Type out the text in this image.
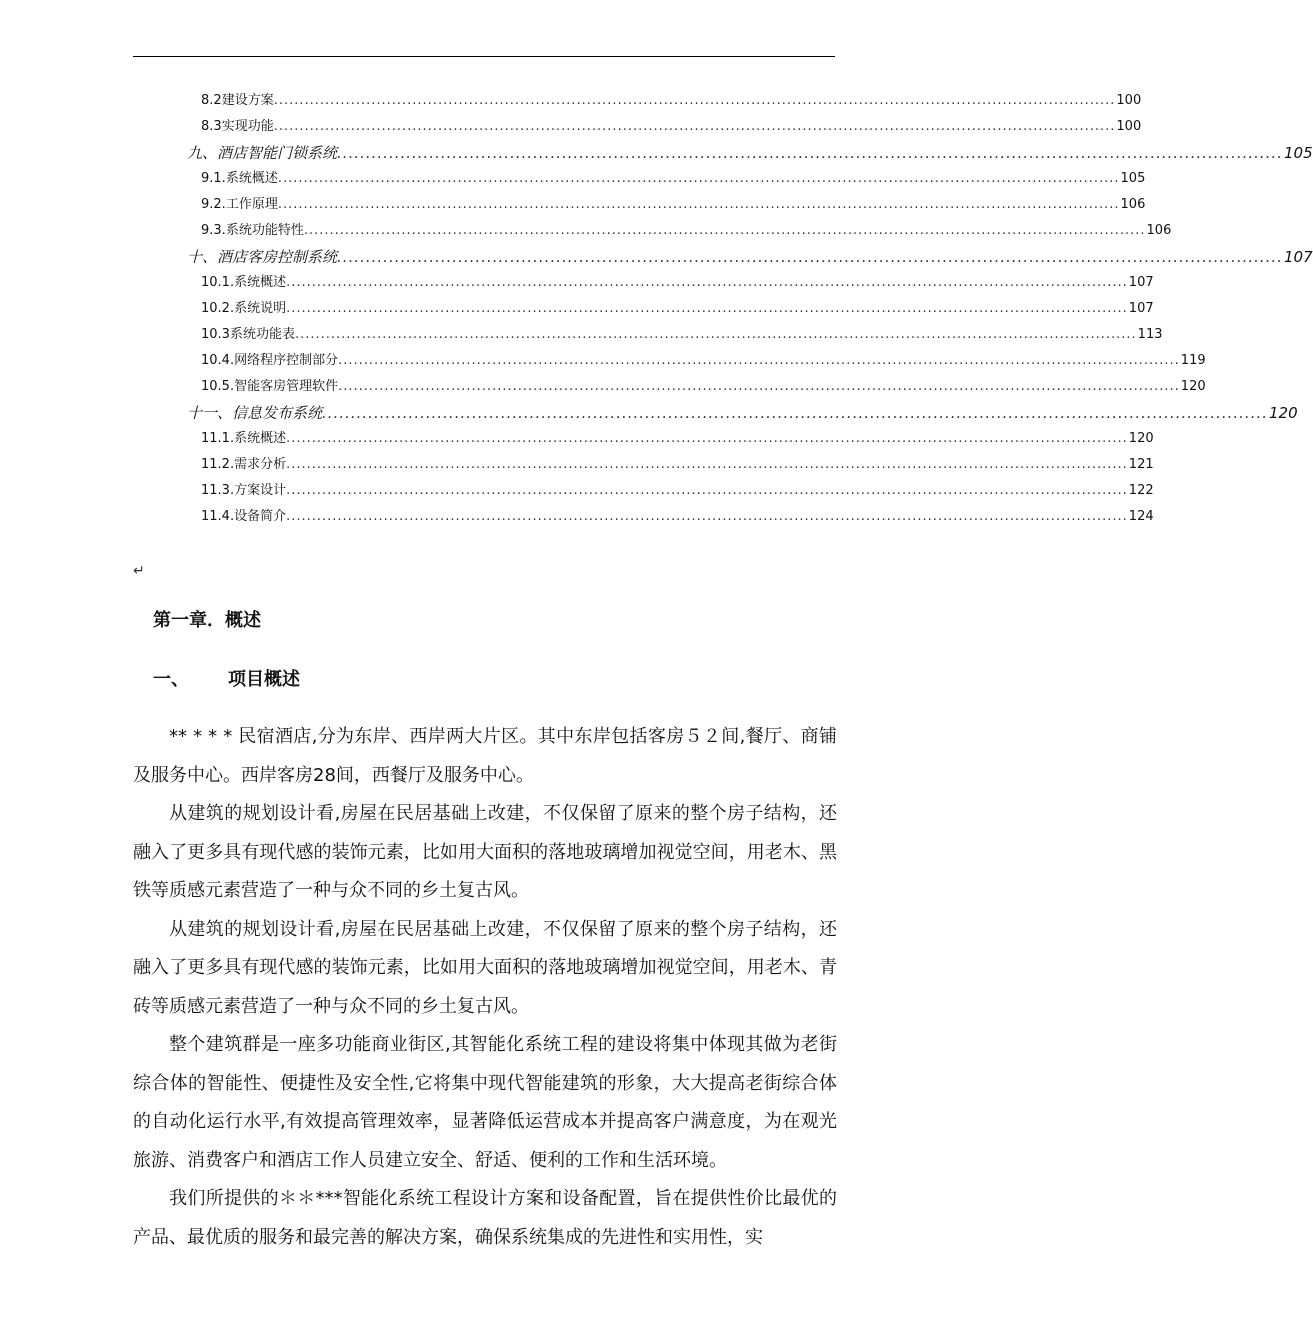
8.2 建设方案 .................................................................................................................................................................... 100
8.3 实现功能 .................................................................................................................................................................... 100
九、 酒店智能门锁系统 .................................................................................................................................................................... 105
9.1. 系统概述 .................................................................................................................................................................... 105
9.2. 工作原理 .................................................................................................................................................................... 106
9.3. 系统功能特性 .................................................................................................................................................................... 106
十、 酒店客房控制系统 .................................................................................................................................................................... 107
10.1. 系统概述 .................................................................................................................................................................... 107
10.2. 系统说明 .................................................................................................................................................................... 107
10.3 系统功能表 .................................................................................................................................................................... 113
10.4. 网络程序控制部分 .................................................................................................................................................................... 119
10.5. 智能客房管理软件 .................................................................................................................................................................... 120
十一、 信息发布系统 .................................................................................................................................................................... 120
11.1. 系统概述 .................................................................................................................................................................... 120
11.2. 需求分析 .................................................................................................................................................................... 121
11.3. 方案设计 .................................................................................................................................................................... 122
11.4. 设备简介 .................................................................................................................................................................... 124
↵
第一章．概述
一、 项目概述

** * * * 民宿酒店,分为东岸、西岸两大片区。其中东岸包括客房５２间,餐厅、商铺及服务中心。西岸客房28间，西餐厅及服务中心。

从建筑的规划设计看,房屋在民居基础上改建，不仅保留了原来的整个房子结构，还融入了更多具有现代感的装饰元素，比如用大面积的落地玻璃增加视觉空间，用老木、黑铁等质感元素营造了一种与众不同的乡土复古风。

从建筑的规划设计看,房屋在民居基础上改建，不仅保留了原来的整个房子结构，还融入了更多具有现代感的装饰元素，比如用大面积的落地玻璃增加视觉空间，用老木、青砖等质感元素营造了一种与众不同的乡土复古风。

整个建筑群是一座多功能商业街区,其智能化系统工程的建设将集中体现其做为老街综合体的智能性、便捷性及安全性,它将集中现代智能建筑的形象，大大提高老街综合体的自动化运行水平,有效提高管理效率，显著降低运营成本并提高客户满意度，为在观光旅游、消费客户和酒店工作人员建立安全、舒适、便利的工作和生活环境。

我们所提供的＊＊***智能化系统工程设计方案和设备配置，旨在提供性价比最优的产品、最优质的服务和最完善的解决方案，确保系统集成的先进性和实用性，实
